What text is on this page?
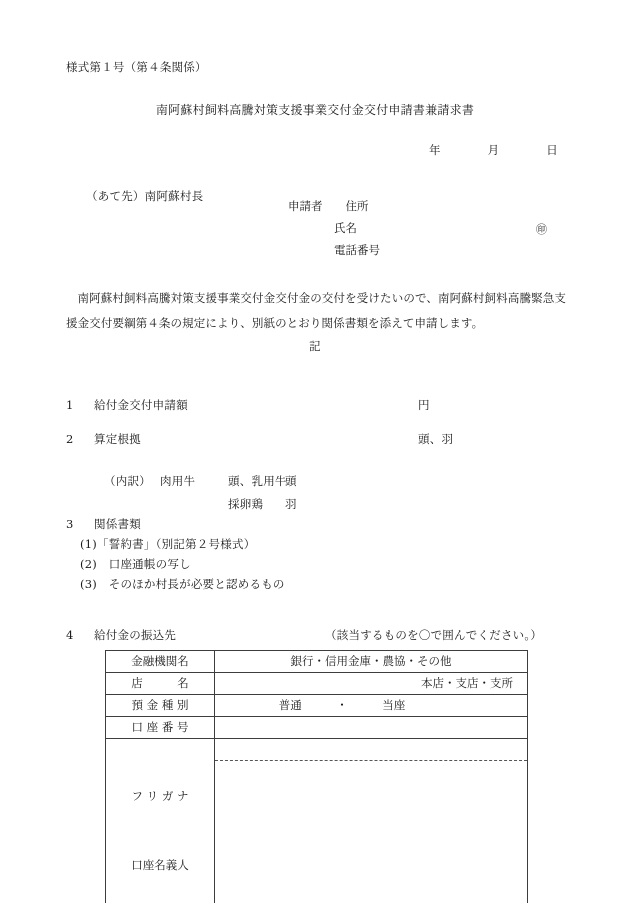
様式第１号（第４条関係）
南阿蘇村飼料高騰対策支援事業交付金交付申請書兼請求書
年　　　　月　　　　日
（あて先）南阿蘇村長
申請者　　 住所
　　　　氏名	㊞
　　　　電話番号
南阿蘇村飼料高騰対策支援事業交付金交付金の交付を受けたいので、南阿蘇村飼料高騰緊急支援金交付要綱第４条の規定により、別紙のとおり関係書類を添えて申請します。
記
1 給付金交付申請額	円
2 算定根拠	頭、羽
（内訳） 肉用牛	頭、乳用牛
頭
採卵鶏 羽
3 関係書類
(1)「誓約書」（別記第２号様式）
(2)　口座通帳の写し
(3)　そのほか村長が必要と認めるもの
4 給付金の振込先	（該当するものを〇で囲んでください。）
金融機関名	銀行・信用金庫・農協・その他
店　　　名	本店・支店・支所
預 金 種 別	普通　　　・　　　当座
口 座 番 号	

フ リ ガ ナ

口座名義人	
